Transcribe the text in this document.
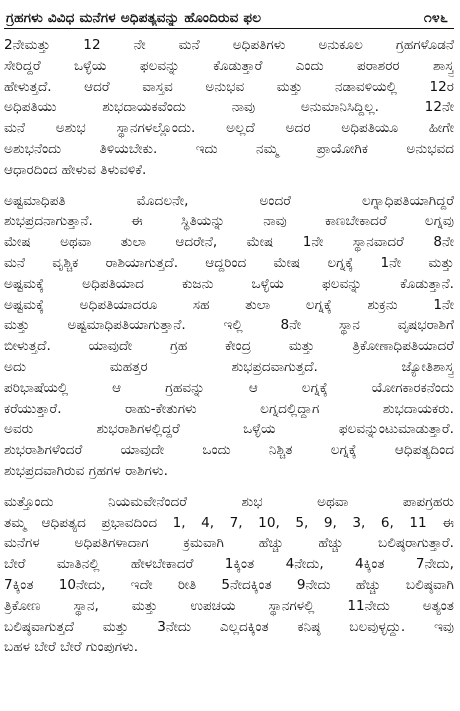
ಗ್ರಹಗಳು ವಿವಿಧ ಮನೆಗಳ ಅಧಿಪತ್ಯವನ್ನು ಹೊಂದಿರುವ ಫಲ	೧೪೬
2ನೇಮತ್ತು 12 ನೇ ಮನೆ ಅಧಿಪತಿಗಳು ಅನುಕೂಲ ಗ್ರಹಗಳೊಡನೆ
ಸೇರಿದ್ದರೆ ಒಳ್ಳೆಯ ಫಲವನ್ನು ಕೊಡುತ್ತಾರೆ ಎಂದು ಪರಾಶರರ ಶಾಸ್ತ್ರ
ಹೇಳುತ್ತದೆ. ಆದರೆ ವಾಸ್ತವ ಅನುಭವ ಮತ್ತು ನಡಾವಳಿಯಲ್ಲಿ 12ರ
ಅಧಿಪತಿಯು ಶುಭದಾಯಕವೆಂದು ನಾವು ಅನುಮಾನಿಸಿದ್ದಿಲ್ಲ. 12ನೇ
ಮನೆ ಅಶುಭ ಸ್ಥಾನಗಳಲ್ಲೊಂದು. ಅಲ್ಲದೆ ಅದರ ಅಧಿಪತಿಯೂ ಹೀಗೇ
ಅಶುಭನೆಂದು ತಿಳಿಯಬೇಕು. ಇದು ನಮ್ಮ ಪ್ರಾಯೋಗಿಕ ಅನುಭವದ
ಆಧಾರದಿಂದ ಹೇಳುವ ತಿಳುವಳಿಕೆ.
ಅಷ್ಟಮಾಧಿಪತಿ ಮೊದಲನೇ, ಅಂದರೆ ಲಗ್ನಾಧಿಪತಿಯಾಗಿದ್ದರೆ
ಶುಭಪ್ರದನಾಗುತ್ತಾನೆ. ಈ ಸ್ಥಿತಿಯನ್ನು ನಾವು ಕಾಣಬೇಕಾದರೆ ಲಗ್ನವು
ಮೇಷ ಅಥವಾ ತುಲಾ ಆದರೇನೆ, ಮೇಷ 1ನೇ ಸ್ಥಾನವಾದರೆ 8ನೇ
ಮನೆ ವೃಶ್ಚಿಕ ರಾಶಿಯಾಗುತ್ತದೆ. ಆದ್ದರಿಂದ ಮೇಷ ಲಗ್ನಕ್ಕೆ 1ನೇ ಮತ್ತು
ಅಷ್ಟಮಕ್ಕೆ ಅಧಿಪತಿಯಾದ ಕುಜನು ಒಳ್ಳೆಯ ಫಲವನ್ನು ಕೊಡುತ್ತಾನೆ.
ಅಷ್ಟಮಕ್ಕೆ ಅಧಿಪತಿಯಾದರೂ ಸಹ ತುಲಾ ಲಗ್ನಕ್ಕೆ ಶುಕ್ರನು 1ನೇ
ಮತ್ತು ಅಷ್ಟಮಾಧಿಪತಿಯಾಗುತ್ತಾನೆ. ಇಲ್ಲಿ 8ನೇ ಸ್ಥಾನ ವೃಷಭರಾಶಿಗೆ
ಬೀಳುತ್ತದೆ. ಯಾವುದೇ ಗ್ರಹ ಕೇಂದ್ರ ಮತ್ತು ತ್ರಿಕೋಣಾಧಿಪತಿಯಾದರೆ
ಅದು ಮಹತ್ತರ ಶುಭಪ್ರದವಾಗುತ್ತದೆ. ಜ್ಯೋತಿಶಾಸ್ತ್ರ
ಪರಿಭಾಷೆಯಲ್ಲಿ ಆ ಗ್ರಹವನ್ನು ಆ ಲಗ್ನಕ್ಕೆ ಯೋಗಕಾರಕನೆಂದು
ಕರೆಯುತ್ತಾರೆ. ರಾಹು-ಕೇತುಗಳು ಲಗ್ನದಲ್ಲಿದ್ದಾಗ ಶುಭದಾಯಕರು.
ಅವರು ಶುಭರಾಶಿಗಳಲ್ಲಿದ್ದರೆ ಒಳ್ಳೆಯ ಫಲವನ್ನುಂಟುಮಾಡುತ್ತಾರೆ.
ಶುಭರಾಶಿಗಳೆಂದರೆ ಯಾವುದೇ ಒಂದು ನಿಶ್ಚಿತ ಲಗ್ನಕ್ಕೆ ಆಧಿಪತ್ಯದಿಂದ
ಶುಭಪ್ರದವಾಗಿರುವ ಗ್ರಹಗಳ ರಾಶಿಗಳು.
ಮತ್ತೊಂದು ನಿಯಮವೇನೆಂದರೆ ಶುಭ ಅಥವಾ ಪಾಪಗ್ರಹರು
ತಮ್ಮ ಆಧಿಪತ್ಯದ ಪ್ರಭಾವದಿಂದ 1, 4, 7, 10, 5, 9, 3, 6, 11 ಈ
ಮನೆಗಳ ಅಧಿಪತಿಗಳಾದಾಗ ಕ್ರಮವಾಗಿ ಹೆಚ್ಚು ಹೆಚ್ಚು ಬಲಿಷ್ಠರಾಗುತ್ತಾರೆ.
ಬೇರೆ ಮಾತಿನಲ್ಲಿ ಹೇಳಬೇಕಾದರೆ 1ಕ್ಕಿಂತ 4ನೇದು, 4ಕ್ಕಿಂತ 7ನೇದು,
7ಕ್ಕಿಂತ 10ನೇದು, ಇದೇ ರೀತಿ 5ನೇದಕ್ಕಿಂತ 9ನೇದು ಹೆಚ್ಚು ಬಲಿಷ್ಠವಾಗಿ
ತ್ರಿಕೋಣ ಸ್ಥಾನ, ಮತ್ತು ಉಪಚಯ ಸ್ಥಾನಗಳಲ್ಲಿ 11ನೇದು ಅತ್ಯಂತ
ಬಲಿಷ್ಠವಾಗುತ್ತದೆ ಮತ್ತು 3ನೇದು ಎಲ್ಲದಕ್ಕಿಂತ ಕನಿಷ್ಠ ಬಲವುಳ್ಳದ್ದು. ಇವು
ಬಹಳ ಬೇರೆ ಬೇರೆ ಗುಂಪುಗಳು.
